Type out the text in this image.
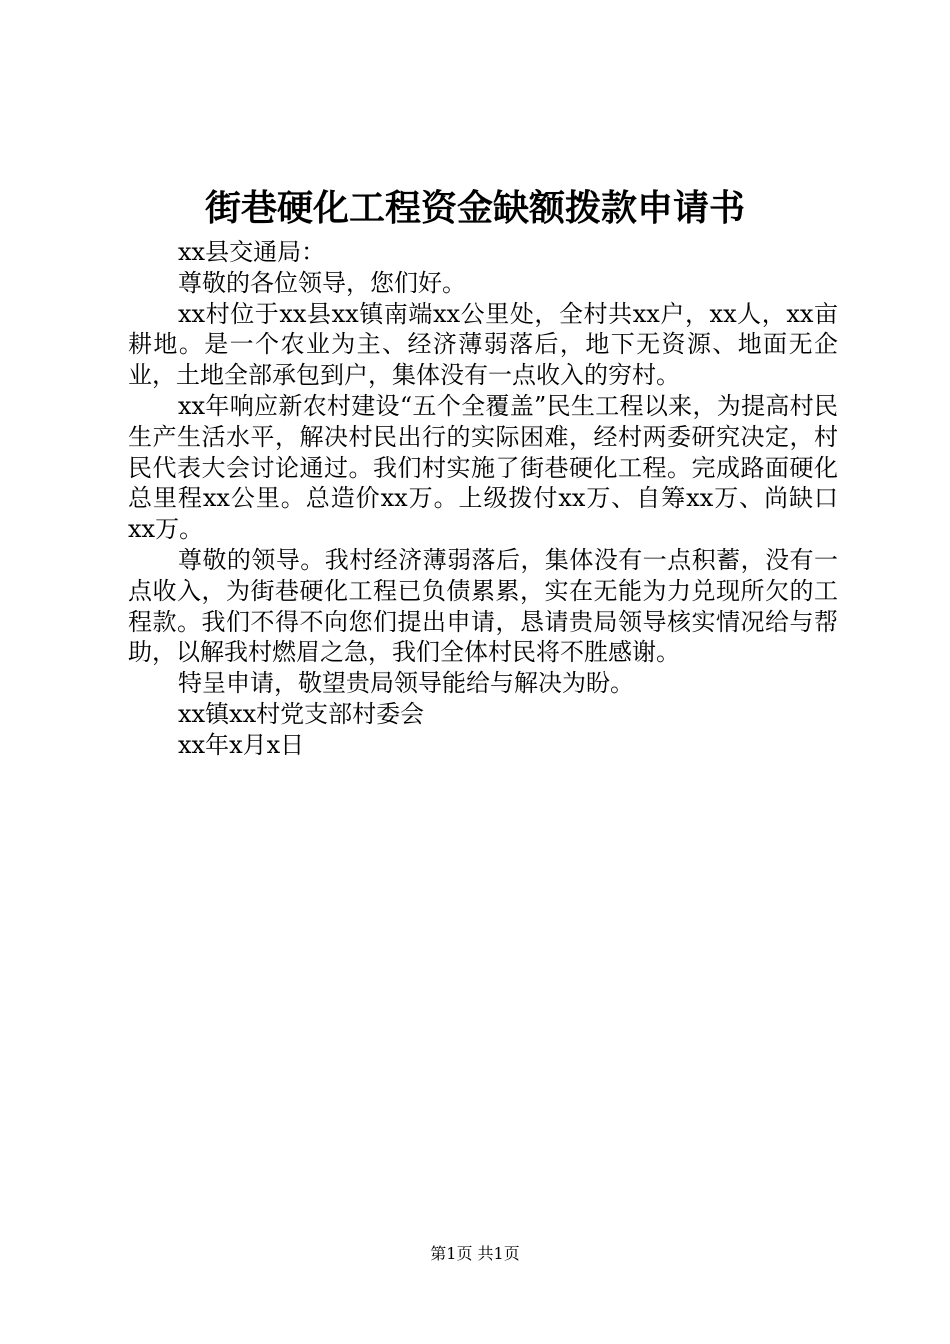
街巷硬化工程资金缺额拨款申请书

xx县交通局：

尊敬的各位领导，您们好。

xx村位于xx县xx镇南端xx公里处，全村共xx户，xx人，xx亩耕地。是一个农业为主、经济薄弱落后，地下无资源、地面无企业，土地全部承包到户，集体没有一点收入的穷村。

xx年响应新农村建设“五个全覆盖”民生工程以来，为提高村民生产生活水平，解决村民出行的实际困难，经村两委研究决定，村民代表大会讨论通过。我们村实施了街巷硬化工程。完成路面硬化总里程xx公里。总造价xx万。上级拨付xx万、自筹xx万、尚缺口xx万。

尊敬的领导。我村经济薄弱落后，集体没有一点积蓄，没有一点收入，为街巷硬化工程已负债累累，实在无能为力兑现所欠的工程款。我们不得不向您们提出申请，恳请贵局领导核实情况给与帮助，以解我村燃眉之急，我们全体村民将不胜感谢。

特呈申请，敬望贵局领导能给与解决为盼。

xx镇xx村党支部村委会

xx年x月x日

第1页 共1页
